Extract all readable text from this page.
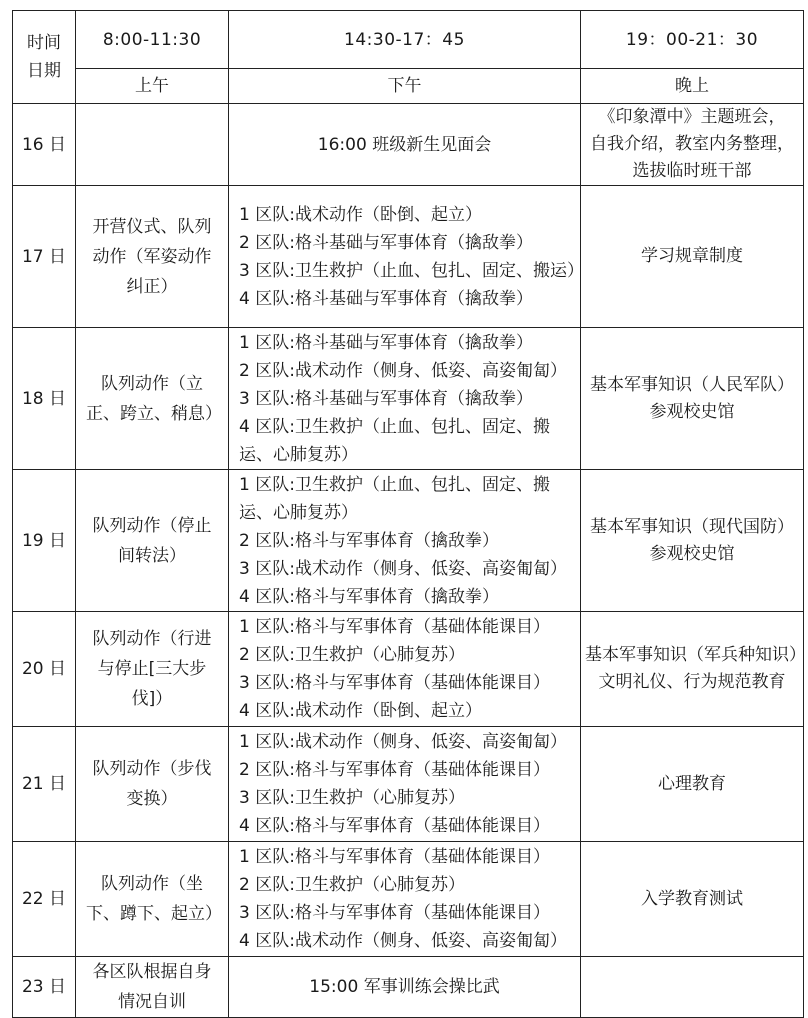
时间
日期	8:00-11:30	14:30-17：45	19：00-21：30
	上午	下午	晚上
16 日		16:00 班级新生见面会	《印象潭中》主题班会，
自我介绍，教室内务整理，
选拔临时班干部

17 日	开营仪式、队列动作（军姿动作纠正）	1 区队:战术动作（卧倒、起立）
2 区队:格斗基础与军事体育（擒敌拳）
3 区队:卫生救护（止血、包扎、固定、搬运）
4 区队:格斗基础与军事体育（擒敌拳）	学习规章制度

18 日	队列动作（立正、跨立、稍息）	1 区队:格斗基础与军事体育（擒敌拳）
2 区队:战术动作（侧身、低姿、高姿匍匐）
3 区队:格斗基础与军事体育（擒敌拳）
4 区队:卫生救护（止血、包扎、固定、搬运、心肺复苏）	基本军事知识（人民军队）
参观校史馆

19 日	队列动作（停止间转法）	1 区队:卫生救护（止血、包扎、固定、搬运、心肺复苏）
2 区队:格斗与军事体育（擒敌拳）
3 区队:战术动作（侧身、低姿、高姿匍匐）
4 区队:格斗与军事体育（擒敌拳）	基本军事知识（现代国防）
参观校史馆

20 日	队列动作（行进与停止[三大步伐]）	1 区队:格斗与军事体育（基础体能课目）
2 区队:卫生救护（心肺复苏）
3 区队:格斗与军事体育（基础体能课目）
4 区队:战术动作（卧倒、起立）	基本军事知识（军兵种知识）
文明礼仪、行为规范教育

21 日	队列动作（步伐变换）	1 区队:战术动作（侧身、低姿、高姿匍匐）
2 区队:格斗与军事体育（基础体能课目）
3 区队:卫生救护（心肺复苏）
4 区队:格斗与军事体育（基础体能课目）	心理教育

22 日	队列动作（坐下、蹲下、起立）	1 区队:格斗与军事体育（基础体能课目）
2 区队:卫生救护（心肺复苏）
3 区队:格斗与军事体育（基础体能课目）
4 区队:战术动作（侧身、低姿、高姿匍匐）	入学教育测试

23 日	各区队根据自身情况自训	15:00 军事训练会操比武	
